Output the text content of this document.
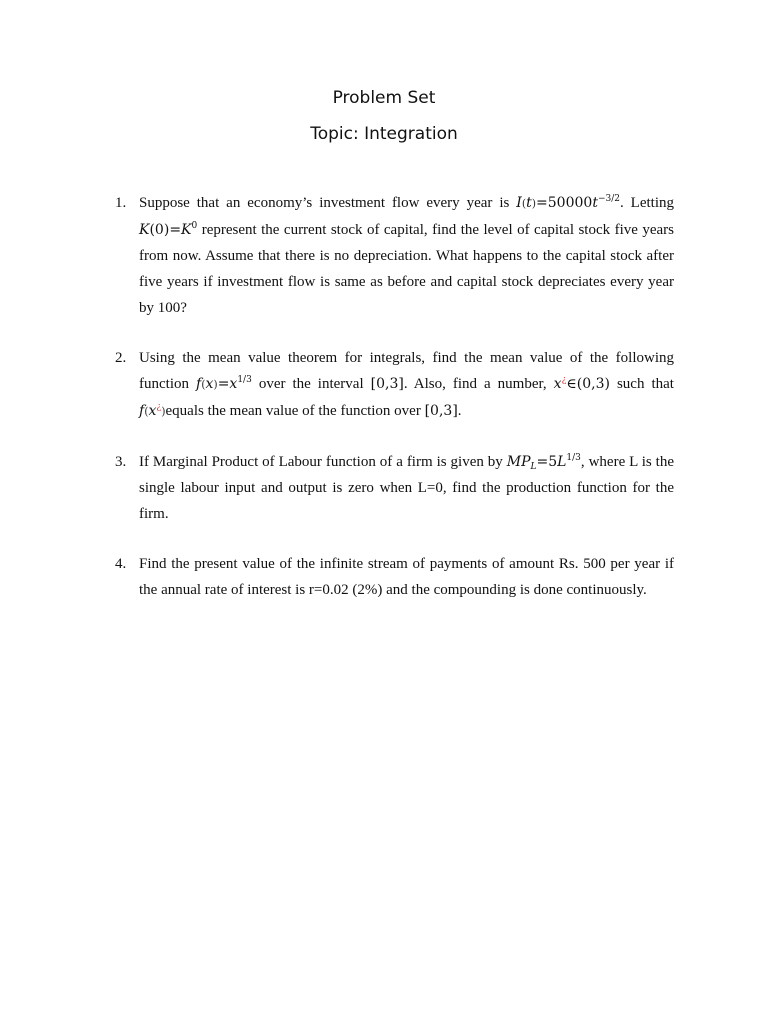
Problem Set
Topic: Integration
1. Suppose that an economy’s investment flow every year is $I(t)=50000t^{-3/2}$. Letting $K(0)=K^0$ represent the current stock of capital, find the level of capital stock five years from now. Assume that there is no depreciation. What happens to the capital stock after five years if investment flow is same as before and capital stock depreciates every year by 100?
2. Using the mean value theorem for integrals, find the mean value of the following function $f(x)=x^{1/3}$ over the interval [0,3]. Also, find a number, x¿∈(0,3) such that f(x¿)equals the mean value of the function over [0,3].
3. If Marginal Product of Labour function of a firm is given by $MP_L=5L^{1/3}$, where L is the single labour input and output is zero when L=0, find the production function for the firm.
4. Find the present value of the infinite stream of payments of amount Rs. 500 per year if the annual rate of interest is r=0.02 (2%) and the compounding is done continuously.
